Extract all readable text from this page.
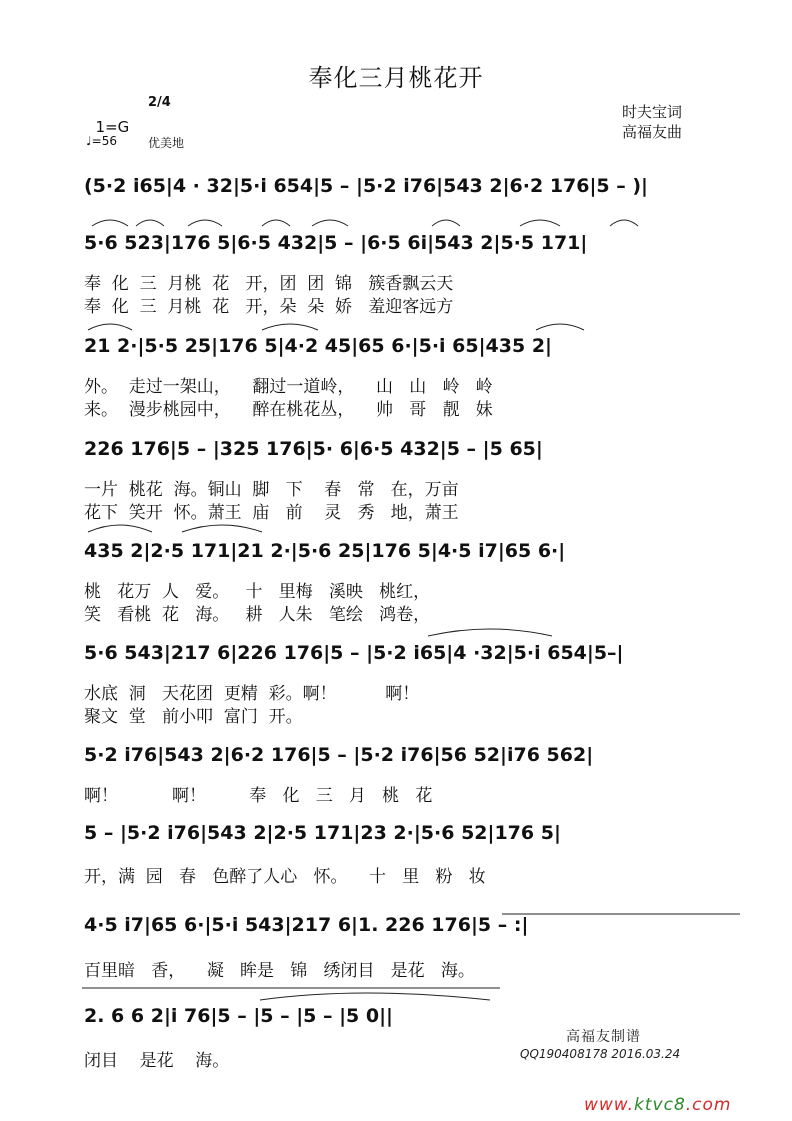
奉化三月桃花开

1=G

2/4
♩=56	优美地
时夫宝词
高福友曲
(5·2 i65|4 · 32|5·i 654|5 – |5·2 i76|543 2|6·2 176|5 – )|
5·6 523|176 5|6·5 432|5 – |6·5 6i|543 2|5·5 171|
奉  化  三  月桃  花   开，团  团  锦   簇香飘云天
奉  化  三  月桃  花   开，朵  朵  娇   羞迎客远方
21 2·|5·5 25|176 5|4·2 45|65 6·|5·i 65|435 2|
外。  走过一架山，    翻过一道岭，    山   山   岭   岭
来。  漫步桃园中，    醉在桃花丛，    帅   哥   靓   妹
226 176|5 – |325 176|5· 6|6·5 432|5 – |5 65|
一片  桃花  海。铜山  脚   下    春   常   在，万亩
花下  笑开  怀。萧王  庙   前    灵   秀   地，萧王
435 2|2·5 171|21 2·|5·6 25|176 5|4·5 i7|65 6·|
桃   花万  人   爱。   十   里梅   溪映   桃红，
笑   看桃  花   海。   耕   人朱   笔绘   鸿卷，
5·6 543|217 6|226 176|5 – |5·2 i65|4 ·32|5·i 654|5–|
水底  洞   天花团  更精  彩。啊！         啊！
聚文  堂   前小叩  富门  开。
5·2 i76|543 2|6·2 176|5 – |5·2 i76|56 52|i76 562|
啊！          啊！        奉   化   三   月   桃   花
5 – |5·2 i76|543 2|2·5 171|23 2·|5·6 52|176 5|
开，满  园   春   色醉了人心   怀。    十   里   粉   妆
4·5 i7|65 6·|5·i 543|217 6|1. 226 176|5 – :|
百里暗   香，    凝   眸是   锦   绣闭目   是花   海。
2. 6 6 2|i 76|5 – |5 – |5 – |5 0||
闭目    是花    海。
高福友制谱
QQ190408178 2016.03.24
www.ktvc8.com
